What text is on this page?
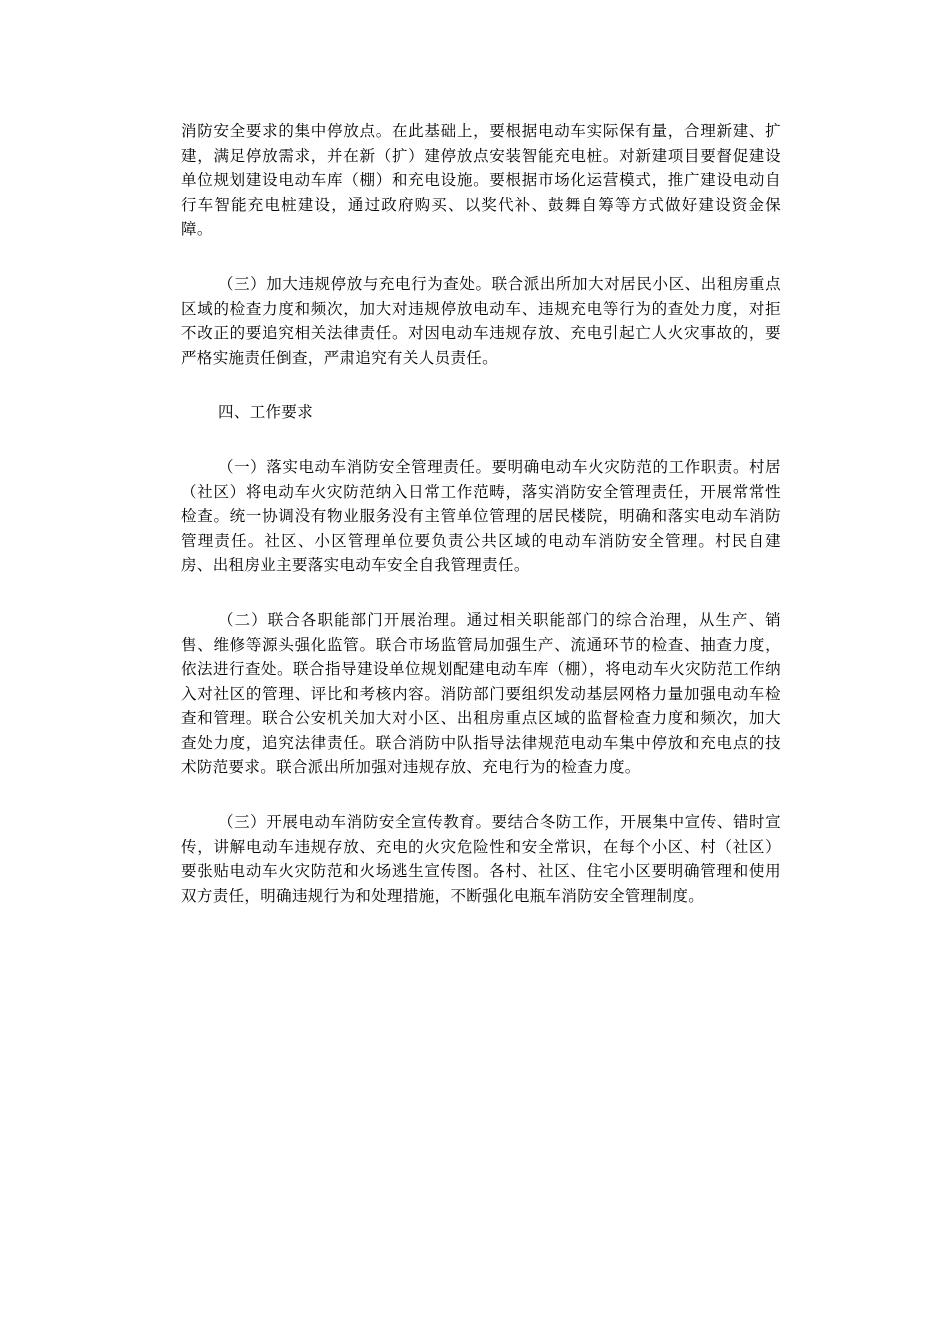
消防安全要求的集中停放点。在此基础上，要根据电动车实际保有量，合理新建、扩建，满足停放需求，并在新（扩）建停放点安装智能充电桩。对新建项目要督促建设单位规划建设电动车库（棚）和充电设施。要根据市场化运营模式，推广建设电动自行车智能充电桩建设，通过政府购买、以奖代补、鼓舞自筹等方式做好建设资金保障。

（三）加大违规停放与充电行为查处。联合派出所加大对居民小区、出租房重点区域的检查力度和频次，加大对违规停放电动车、违规充电等行为的查处力度，对拒不改正的要追究相关法律责任。对因电动车违规存放、充电引起亡人火灾事故的，要严格实施责任倒查，严肃追究有关人员责任。

四、工作要求

（一）落实电动车消防安全管理责任。要明确电动车火灾防范的工作职责。村居（社区）将电动车火灾防范纳入日常工作范畴，落实消防安全管理责任，开展常常性检查。统一协调没有物业服务没有主管单位管理的居民楼院，明确和落实电动车消防管理责任。社区、小区管理单位要负责公共区域的电动车消防安全管理。村民自建房、出租房业主要落实电动车安全自我管理责任。

（二）联合各职能部门开展治理。通过相关职能部门的综合治理，从生产、销售、维修等源头强化监管。联合市场监管局加强生产、流通环节的检查、抽查力度，依法进行查处。联合指导建设单位规划配建电动车库（棚），将电动车火灾防范工作纳入对社区的管理、评比和考核内容。消防部门要组织发动基层网格力量加强电动车检查和管理。联合公安机关加大对小区、出租房重点区域的监督检查力度和频次，加大查处力度，追究法律责任。联合消防中队指导法律规范电动车集中停放和充电点的技术防范要求。联合派出所加强对违规存放、充电行为的检查力度。

（三）开展电动车消防安全宣传教育。要结合冬防工作，开展集中宣传、错时宣传，讲解电动车违规存放、充电的火灾危险性和安全常识，在每个小区、村（社区）要张贴电动车火灾防范和火场逃生宣传图。各村、社区、住宅小区要明确管理和使用双方责任，明确违规行为和处理措施，不断强化电瓶车消防安全管理制度。
